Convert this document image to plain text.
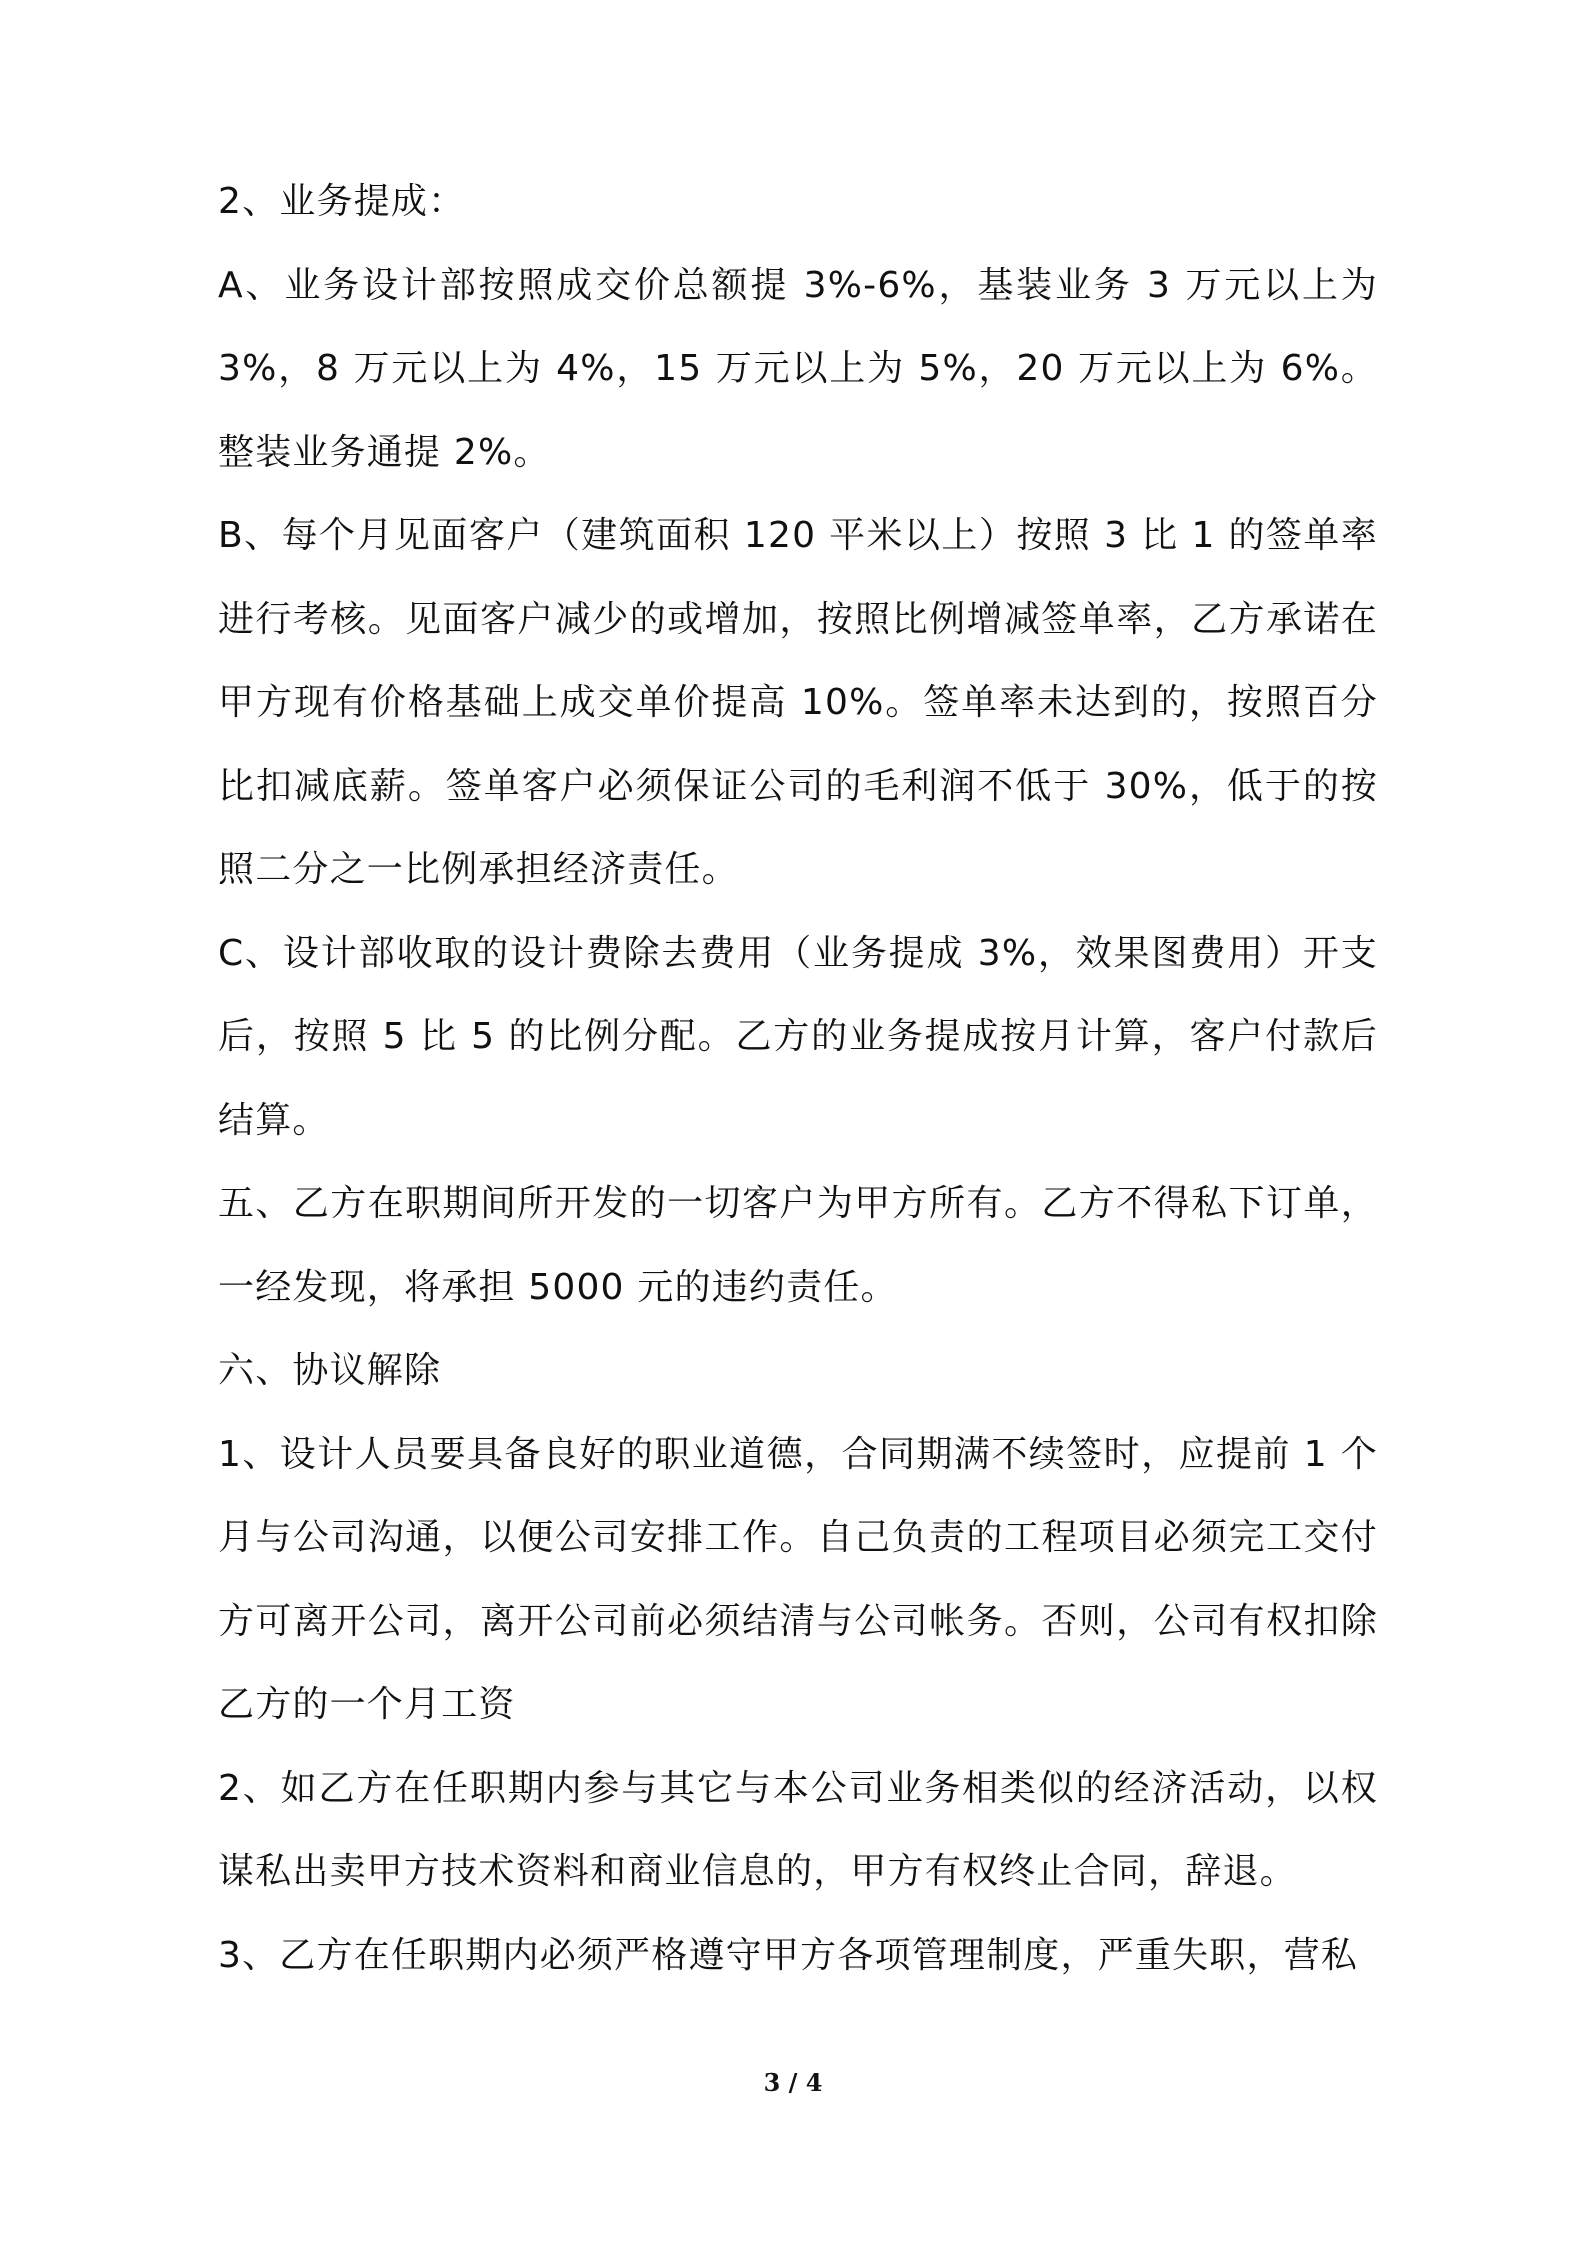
2、业务提成：

A、业务设计部按照成交价总额提 3%-6%，基装业务 3 万元以上为 3%，8 万元以上为 4%，15 万元以上为 5%，20 万元以上为 6%。整装业务通提 2%。

B、每个月见面客户（建筑面积 120 平米以上）按照 3 比 1 的签单率进行考核。见面客户减少的或增加，按照比例增减签单率，乙方承诺在甲方现有价格基础上成交单价提高 10%。签单率未达到的，按照百分比扣减底薪。签单客户必须保证公司的毛利润不低于 30%，低于的按照二分之一比例承担经济责任。

C、设计部收取的设计费除去费用（业务提成 3%，效果图费用）开支后，按照 5 比 5 的比例分配。乙方的业务提成按月计算，客户付款后结算。

五、乙方在职期间所开发的一切客户为甲方所有。乙方不得私下订单，一经发现，将承担 5000 元的违约责任。

六、协议解除

1、设计人员要具备良好的职业道德，合同期满不续签时，应提前 1 个月与公司沟通，以便公司安排工作。自己负责的工程项目必须完工交付方可离开公司，离开公司前必须结清与公司帐务。否则，公司有权扣除乙方的一个月工资

2、如乙方在任职期内参与其它与本公司业务相类似的经济活动，以权谋私出卖甲方技术资料和商业信息的，甲方有权终止合同，辞退。

3、乙方在任职期内必须严格遵守甲方各项管理制度，严重失职，营私

3 / 4
